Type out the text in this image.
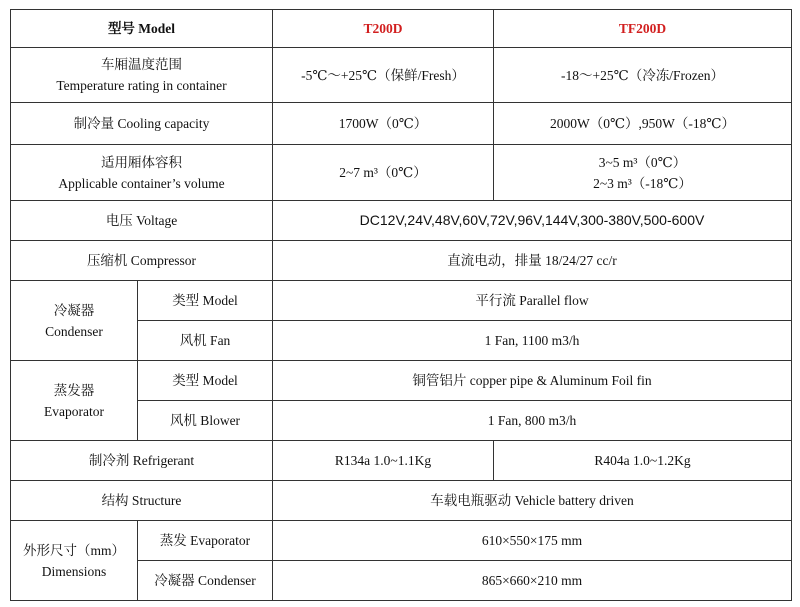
型号 Model		T200D	TF200D

车厢温度范围
Temperature rating in container		-5℃～+25℃（保鲜/Fresh）	-18～+25℃（冷冻/Frozen）
制冷量 Cooling capacity		1700W（0℃）	2000W（0℃）,950W（-18℃）

适用厢体容积
Applicable container’s volume		2~7 m³（0℃）	3~5 m³（0℃）
2~3 m³（-18℃）

电压 Voltage		DC12V,24V,48V,60V,72V,96V,144V,300-380V,500-600V	
压缩机 Compressor		直流电动，排量 18/24/27 cc/r	

冷凝器
Condenser	类型 Model	平行流 Parallel flow	
	风机 Fan	1 Fan, 1100 m3/h	

蒸发器
Evaporator	类型 Model	铜管铝片 copper pipe & Aluminum Foil fin	
	风机 Blower	1 Fan, 800 m3/h	
制冷剂 Refrigerant		R134a 1.0~1.1Kg	R404a 1.0~1.2Kg
结构 Structure		车载电瓶驱动 Vehicle battery driven	

外形尺寸（mm）
Dimensions	蒸发 Evaporator	610×550×175 mm	
	冷凝器 Condenser	865×660×210 mm	
